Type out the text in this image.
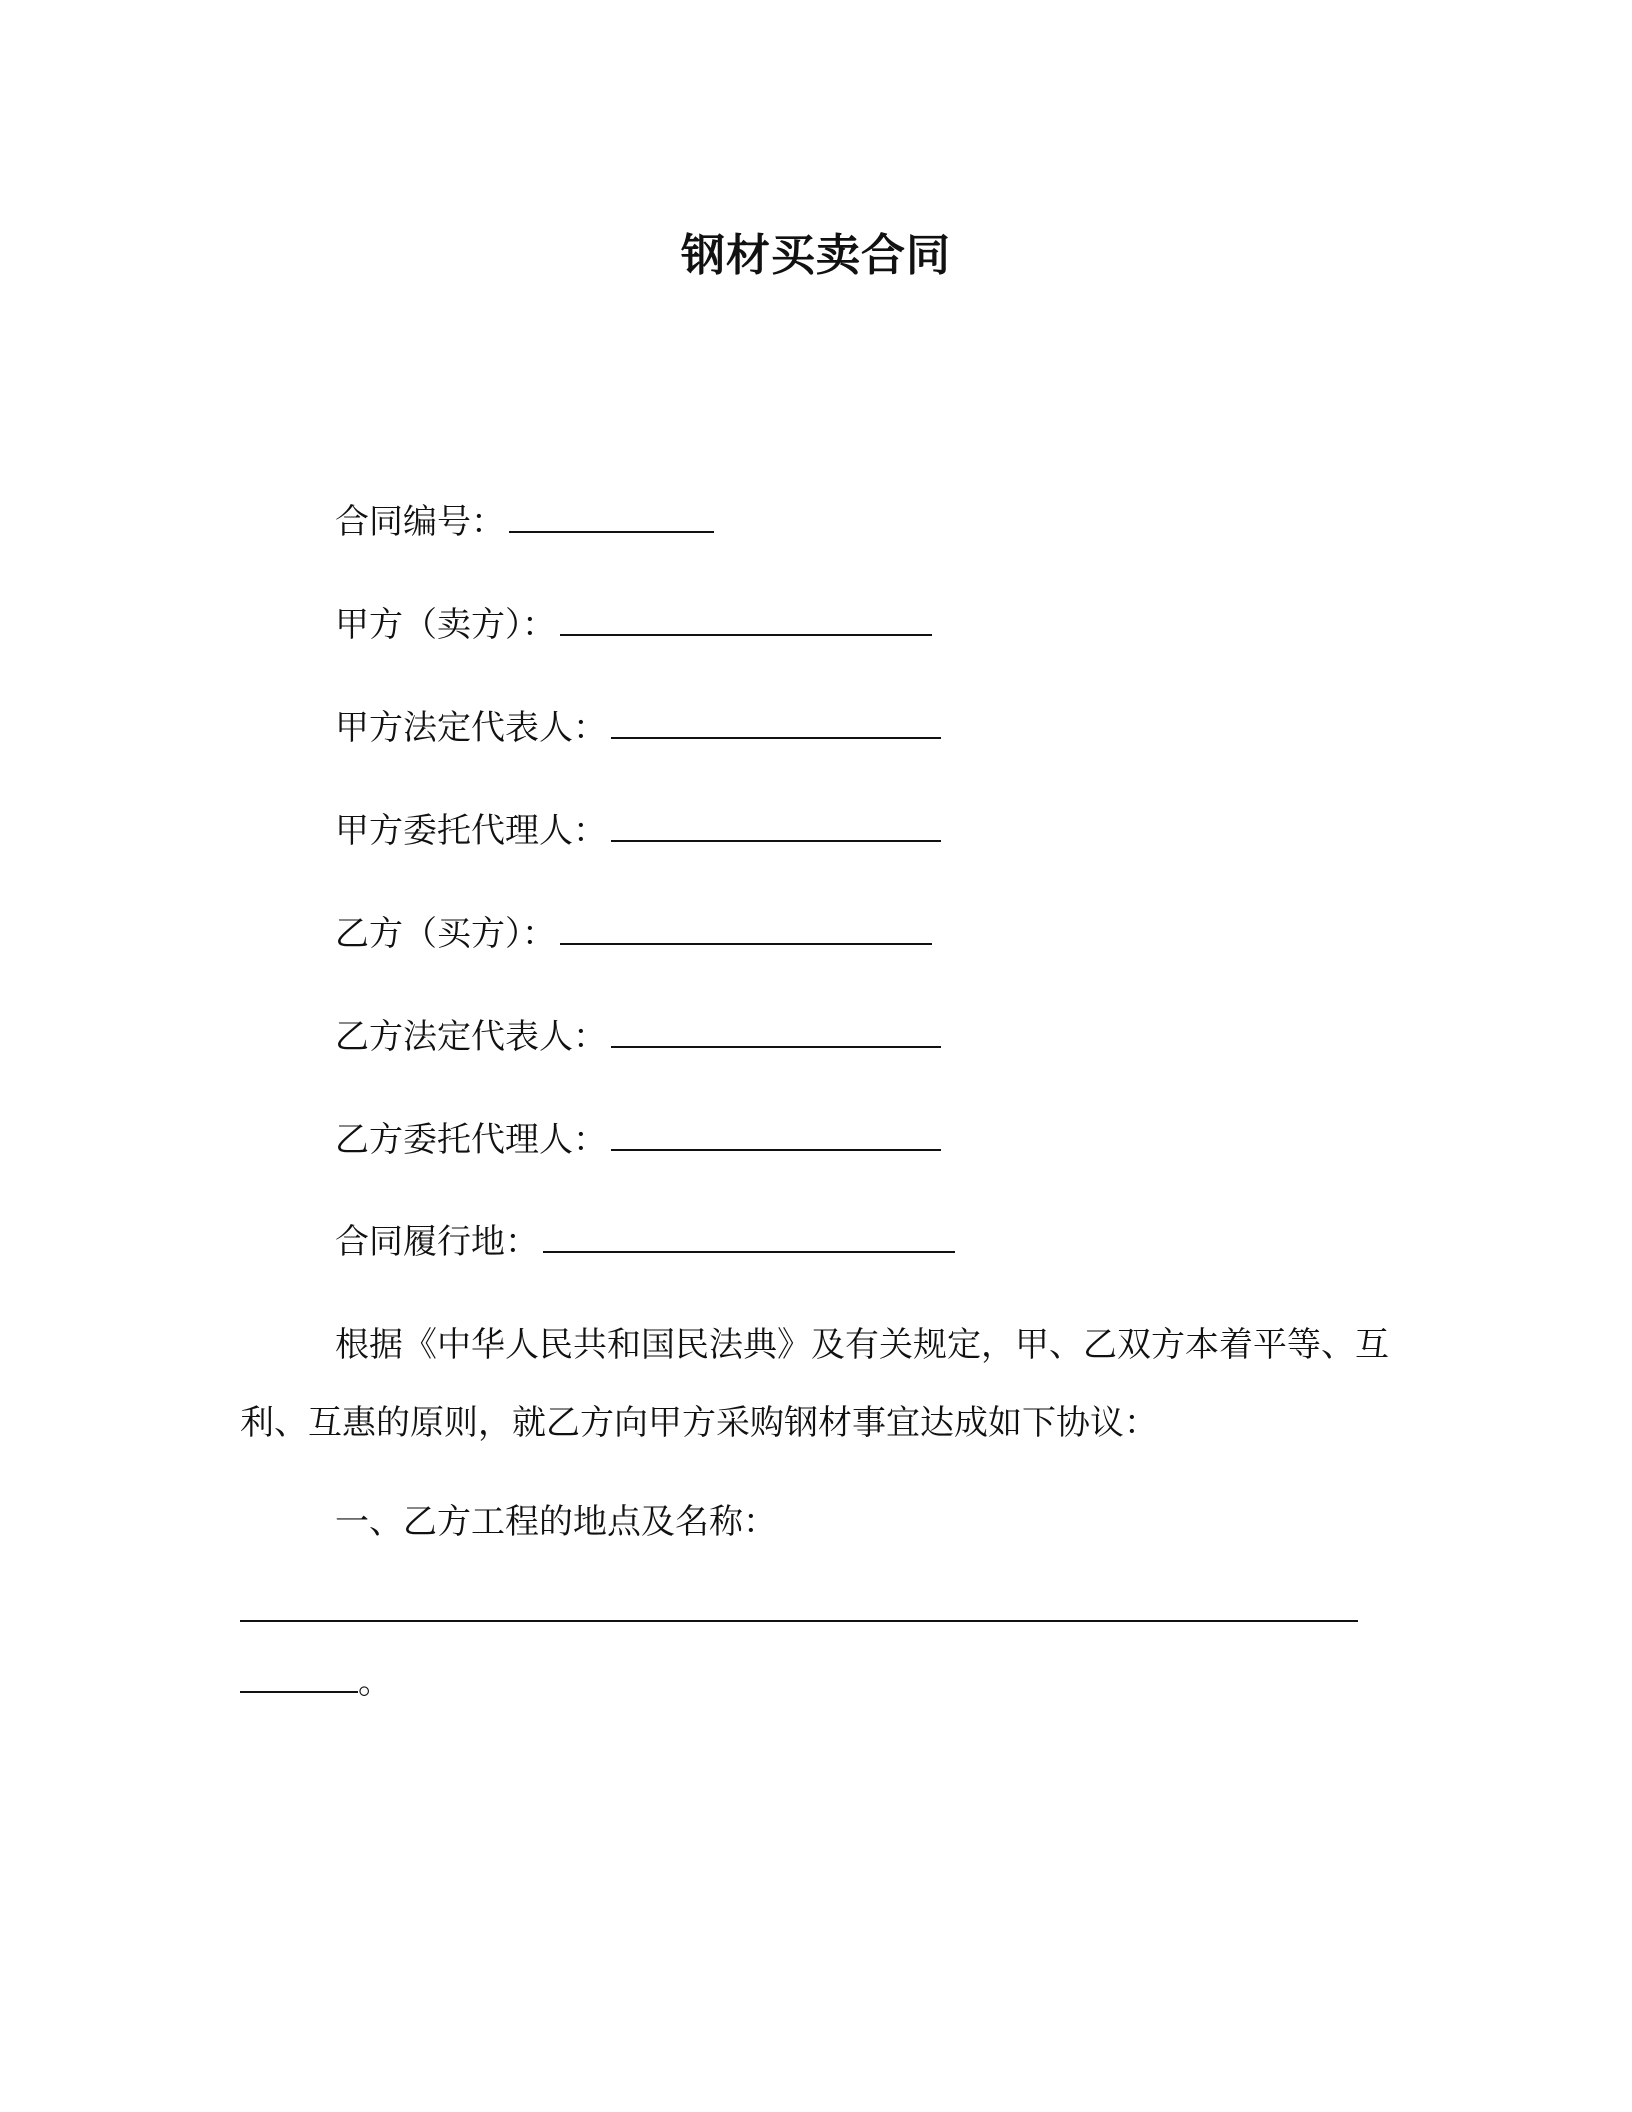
钢材买卖合同
合同编号：
甲方（卖方）：
甲方法定代表人：
甲方委托代理人：
乙方（买方）：
乙方法定代表人：
乙方委托代理人：
合同履行地：
根据《中华人民共和国民法典》及有关规定，甲、乙双方本着平等、互利、互惠的原则，就乙方向甲方采购钢材事宜达成如下协议：
一、乙方工程的地点及名称：
。
